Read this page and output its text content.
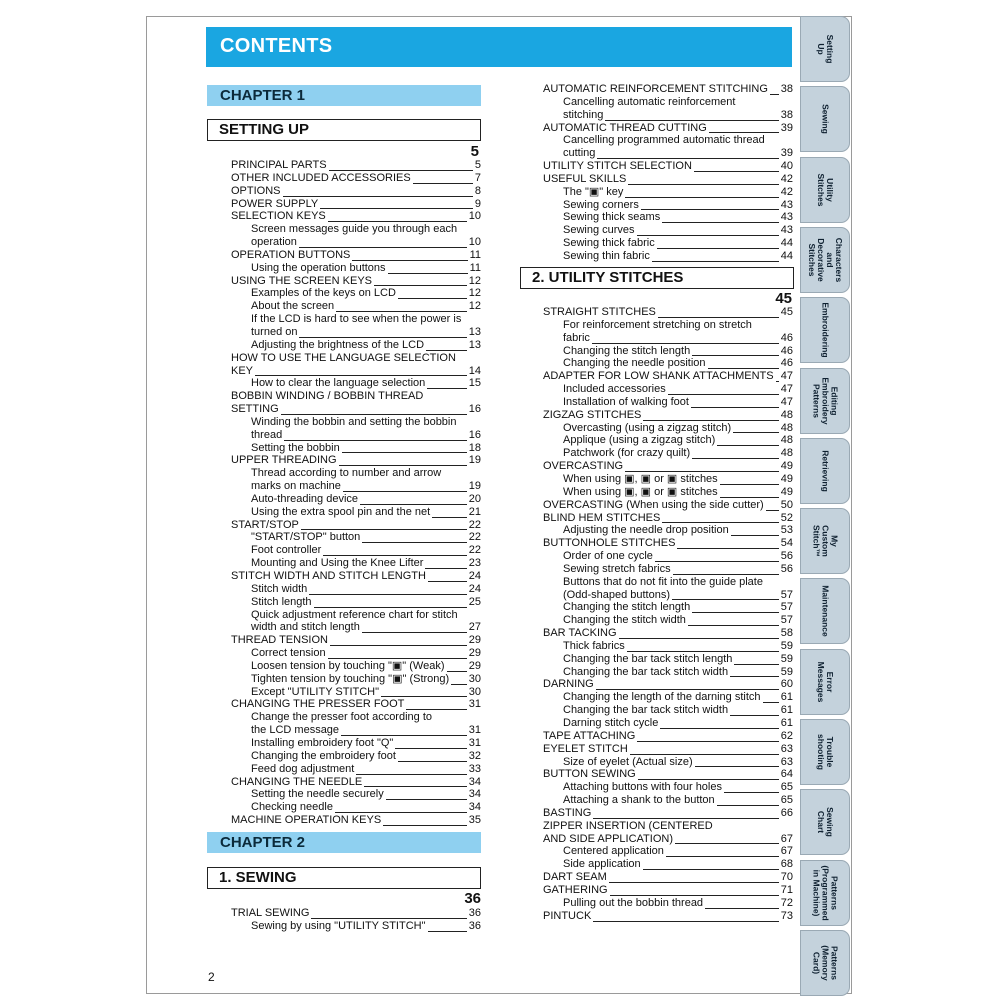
CONTENTS
CHAPTER 1
SETTING UP
5
PRINCIPAL PARTS	5
OTHER INCLUDED ACCESSORIES	7
OPTIONS	8
POWER SUPPLY	9
SELECTION KEYS	10
Screen messages guide you through each
operation	10
OPERATION BUTTONS	11
Using the operation buttons	11
USING THE SCREEN KEYS	12
Examples of the keys on LCD	12
About the screen	12
If the LCD is hard to see when the power is
turned on	13
Adjusting the brightness of the LCD	13
HOW TO USE THE LANGUAGE SELECTION
KEY	14
How to clear the language selection	15
BOBBIN WINDING / BOBBIN THREAD
SETTING	16
Winding the bobbin and setting the bobbin
thread	16
Setting the bobbin	18
UPPER THREADING	19
Thread according to number and arrow
marks on machine	19
Auto-threading device	20
Using the extra spool pin and the net	21
START/STOP	22
"START/STOP" button	22
Foot controller	22
Mounting and Using the Knee Lifter	23
STITCH WIDTH AND STITCH LENGTH	24
Stitch width	24
Stitch length	25
Quick adjustment reference chart for stitch
width and stitch length	27
THREAD TENSION	29
Correct tension	29
Loosen tension by touching "▣" (Weak) 29
Tighten tension by touching "▣" (Strong) 30
Except "UTILITY STITCH"	30
CHANGING THE PRESSER FOOT	31
Change the presser foot according to
the LCD message	31
Installing embroidery foot "Q"	31
Changing the embroidery foot	32
Feed dog adjustment	33
CHANGING THE NEEDLE	34
Setting the needle securely	34
Checking needle	34
MACHINE OPERATION KEYS	35
CHAPTER 2
1. SEWING
36
TRIAL SEWING	36
Sewing by using "UTILITY STITCH"	36
AUTOMATIC REINFORCEMENT STITCHING 38
Cancelling automatic reinforcement
stitching	38
AUTOMATIC THREAD CUTTING	39
Cancelling programmed automatic thread
cutting	39
UTILITY STITCH SELECTION	40
USEFUL SKILLS	42
The "▣" key	42
Sewing corners	43
Sewing thick seams	43
Sewing curves	43
Sewing thick fabric	44
Sewing thin fabric	44
2. UTILITY STITCHES
45
STRAIGHT STITCHES	45
For reinforcement stretching on stretch
fabric	46
Changing the stitch length	46
Changing the needle position	46
ADAPTER FOR LOW SHANK ATTACHMENTS 47
Included accessories	47
Installation of walking foot	47
ZIGZAG STITCHES	48
Overcasting (using a zigzag stitch)	48
Applique (using a zigzag stitch)	48
Patchwork (for crazy quilt)	48
OVERCASTING	49
When using ▣, ▣ or ▣ stitches	49
When using ▣, ▣ or ▣ stitches	49
OVERCASTING (When using the side cutter) 50
BLIND HEM STITCHES	52
Adjusting the needle drop position	53
BUTTONHOLE STITCHES	54
Order of one cycle	56
Sewing stretch fabrics	56
Buttons that do not fit into the guide plate
(Odd-shaped buttons)	57
Changing the stitch length	57
Changing the stitch width	57
BAR TACKING	58
Thick fabrics	59
Changing the bar tack stitch length	59
Changing the bar tack stitch width	59
DARNING	60
Changing the length of the darning stitch 61
Changing the bar tack stitch width	61
Darning stitch cycle	61
TAPE ATTACHING	62
EYELET STITCH	63
Size of eyelet (Actual size)	63
BUTTON SEWING	64
Attaching buttons with four holes	65
Attaching a shank to the button	65
BASTING	66
ZIPPER INSERTION (CENTERED
AND SIDE APPLICATION)	67
Centered application	67
Side application	68
DART SEAM	70
GATHERING	71
Pulling out the bobbin thread	72
PINTUCK	73
2
Setting
Up
Sewing
Utility
Stitches
Characters
and
Decorative
Stitches
Embroidering
Editing
Embroidery
Patterns
Retrieving
My
Custom
Stitch™
Maintenance
Error
Messages
Trouble
shooting
Sewing
Chart
Patterns
(Programmed
in Machine)
Patterns
(Memory
Card)
